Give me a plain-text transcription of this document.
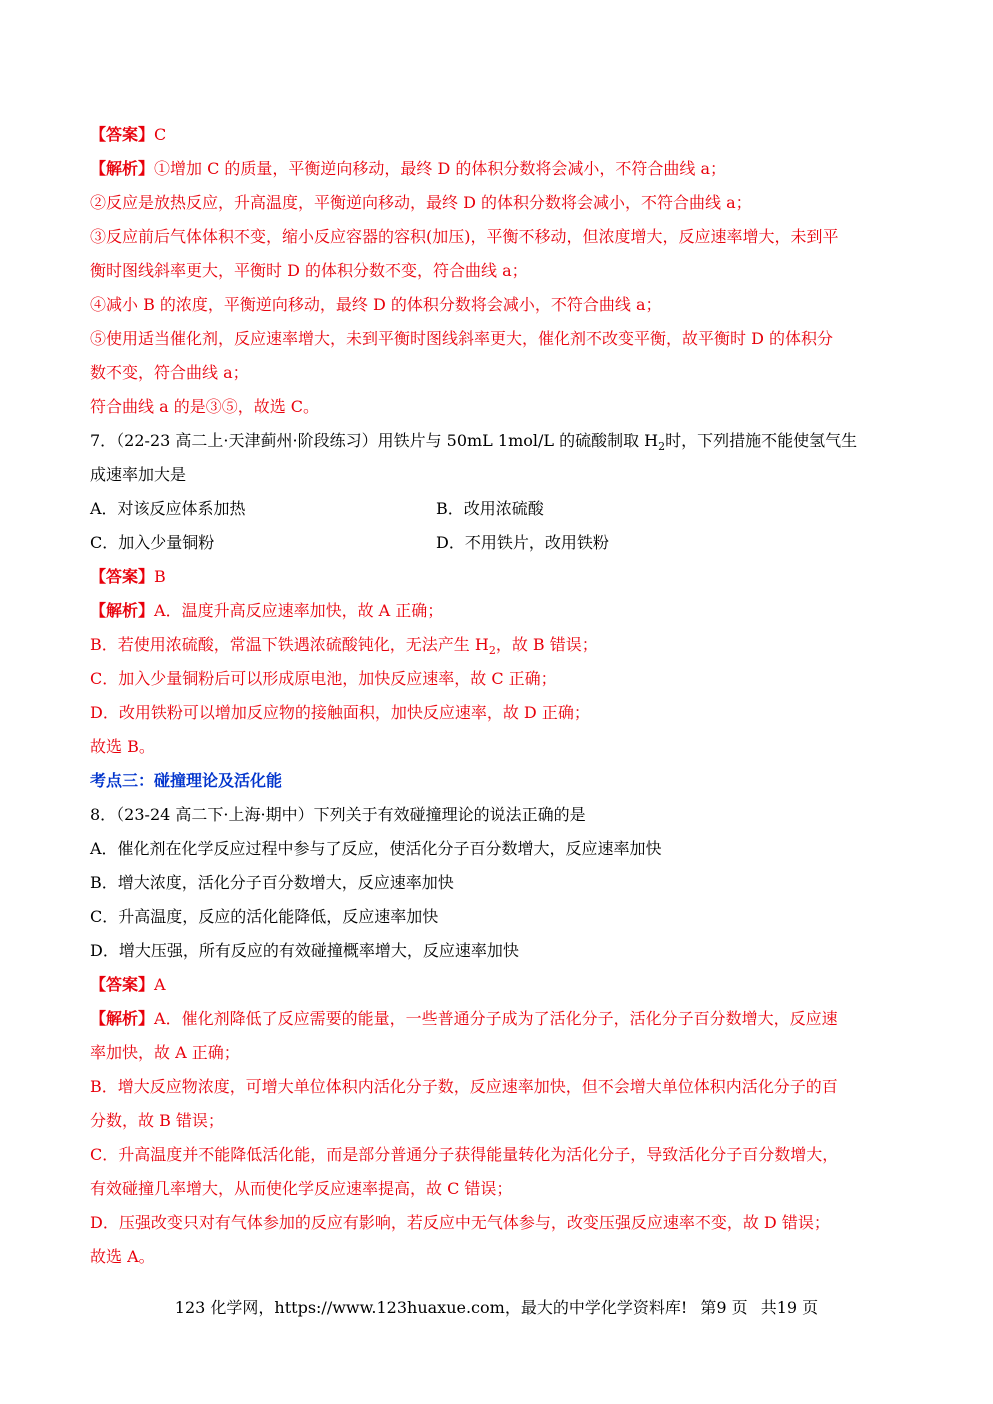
【答案】C
【解析】①增加 C 的质量，平衡逆向移动，最终 D 的体积分数将会减小，不符合曲线 a；
②反应是放热反应，升高温度，平衡逆向移动，最终 D 的体积分数将会减小，不符合曲线 a；
③反应前后气体体积不变，缩小反应容器的容积(加压)，平衡不移动，但浓度增大，反应速率增大，未到平
衡时图线斜率更大，平衡时 D 的体积分数不变，符合曲线 a；
④减小 B 的浓度，平衡逆向移动，最终 D 的体积分数将会减小，不符合曲线 a；
⑤使用适当催化剂，反应速率增大，未到平衡时图线斜率更大，催化剂不改变平衡，故平衡时 D 的体积分
数不变，符合曲线 a；
符合曲线 a 的是③⑤，故选 C。
7．（22-23 高二上·天津蓟州·阶段练习）用铁片与 50mL 1mol/L 的硫酸制取 $H_2$时，下列措施不能使氢气生
成速率加大是
A．对该反应体系加热	B．改用浓硫酸
C．加入少量铜粉	D．不用铁片，改用铁粉
【答案】B
【解析】A．温度升高反应速率加快，故 A 正确；
B．若使用浓硫酸，常温下铁遇浓硫酸钝化，无法产生 $H_2$，故 B 错误；
C．加入少量铜粉后可以形成原电池，加快反应速率，故 C 正确；
D．改用铁粉可以增加反应物的接触面积，加快反应速率，故 D 正确；
故选 B。
考点三：碰撞理论及活化能
8．（23-24 高二下·上海·期中）下列关于有效碰撞理论的说法正确的是
A．催化剂在化学反应过程中参与了反应，使活化分子百分数增大，反应速率加快
B．增大浓度，活化分子百分数增大，反应速率加快
C．升高温度，反应的活化能降低，反应速率加快
D．增大压强，所有反应的有效碰撞概率增大，反应速率加快
【答案】A
【解析】A．催化剂降低了反应需要的能量，一些普通分子成为了活化分子，活化分子百分数增大，反应速
率加快，故 A 正确；
B．增大反应物浓度，可增大单位体积内活化分子数，反应速率加快，但不会增大单位体积内活化分子的百
分数，故 B 错误；
C．升高温度并不能降低活化能，而是部分普通分子获得能量转化为活化分子，导致活化分子百分数增大，
有效碰撞几率增大，从而使化学反应速率提高，故 C 错误；
D．压强改变只对有气体参加的反应有影响，若反应中无气体参与，改变压强反应速率不变，故 D 错误；
故选 A。
123 化学网，https://www.123huaxue.com，最大的中学化学资料库! 第9 页 共19 页
